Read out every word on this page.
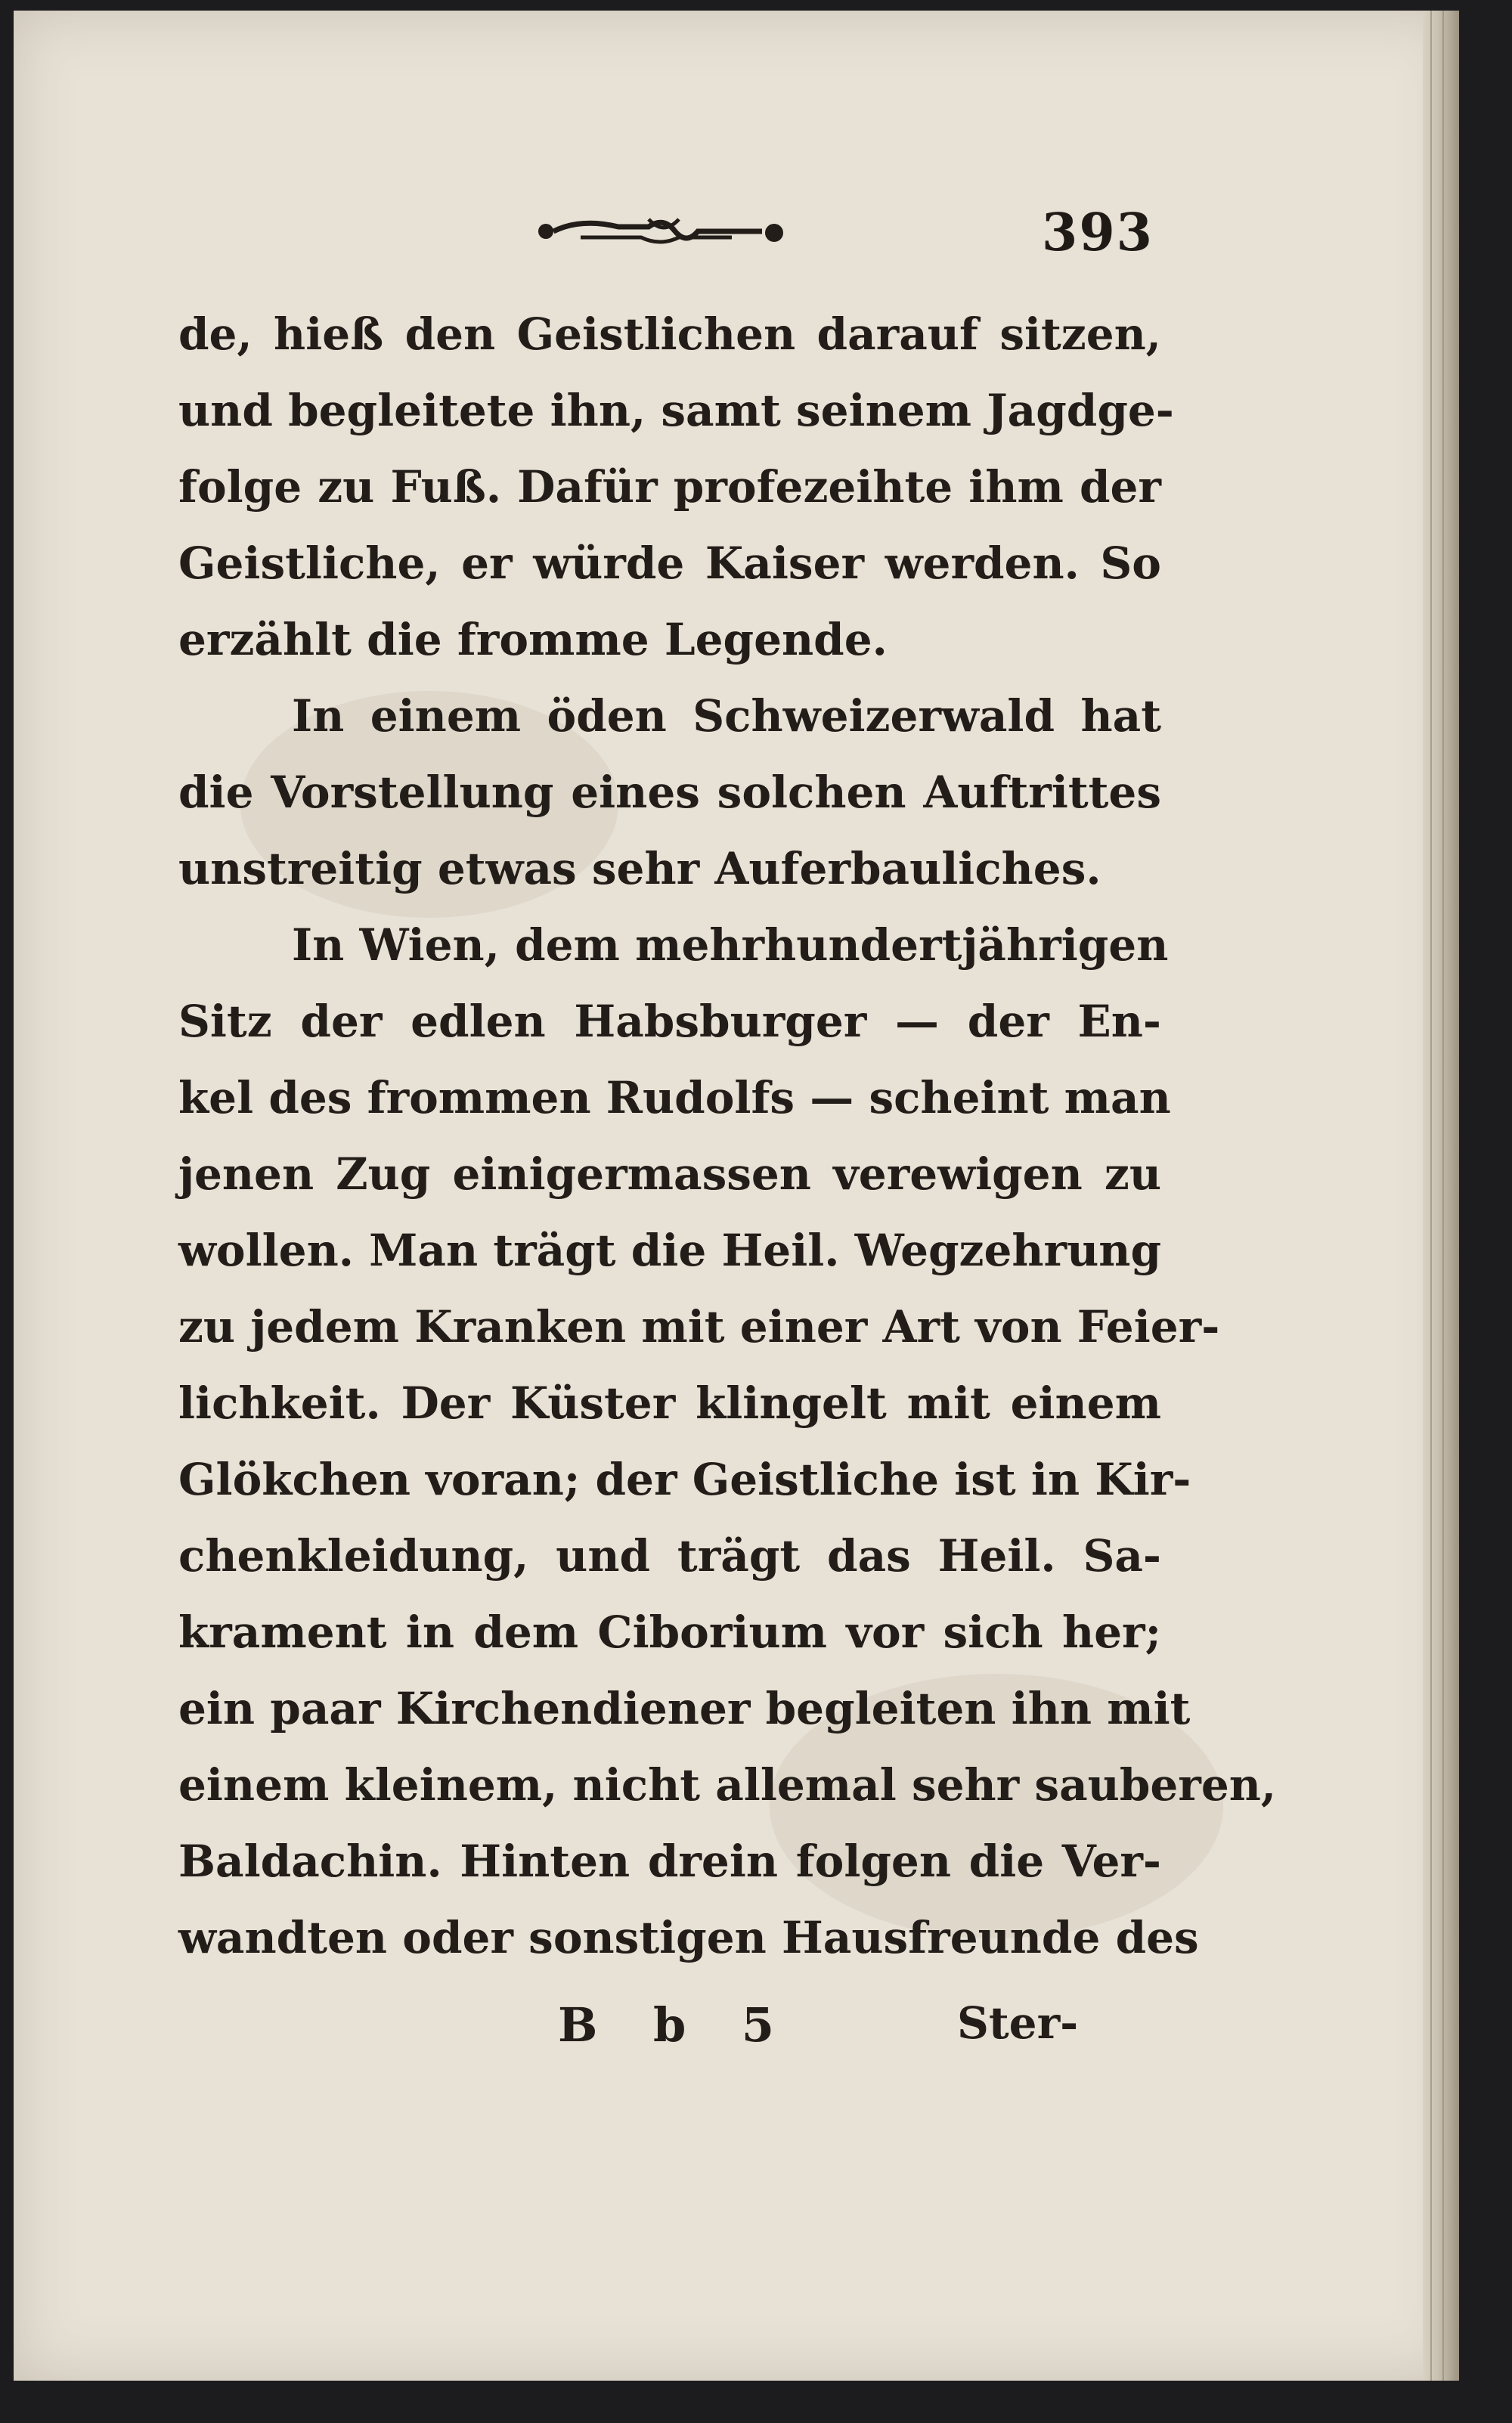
393
de, hieß den Geistlichen darauf sitzen,
und begleitete ihn, samt seinem Jagdge-
folge zu Fuß. Dafür profezeihte ihm der
Geistliche, er würde Kaiser werden. So
erzählt die fromme Legende.
In einem öden Schweizerwald hat
die Vorstellung eines solchen Auftrittes
unstreitig etwas sehr Auferbauliches.
In Wien, dem mehrhundertjährigen
Sitz der edlen Habsburger — der En-
kel des frommen Rudolfs — scheint man
jenen Zug einigermassen verewigen zu
wollen. Man trägt die Heil. Wegzehrung
zu jedem Kranken mit einer Art von Feier-
lichkeit. Der Küster klingelt mit einem
Glökchen voran; der Geistliche ist in Kir-
chenkleidung, und trägt das Heil. Sa-
krament in dem Ciborium vor sich her;
ein paar Kirchendiener begleiten ihn mit
einem kleinem, nicht allemal sehr sauberen,
Baldachin. Hinten drein folgen die Ver-
wandten oder sonstigen Hausfreunde des
B b 5	Ster-
